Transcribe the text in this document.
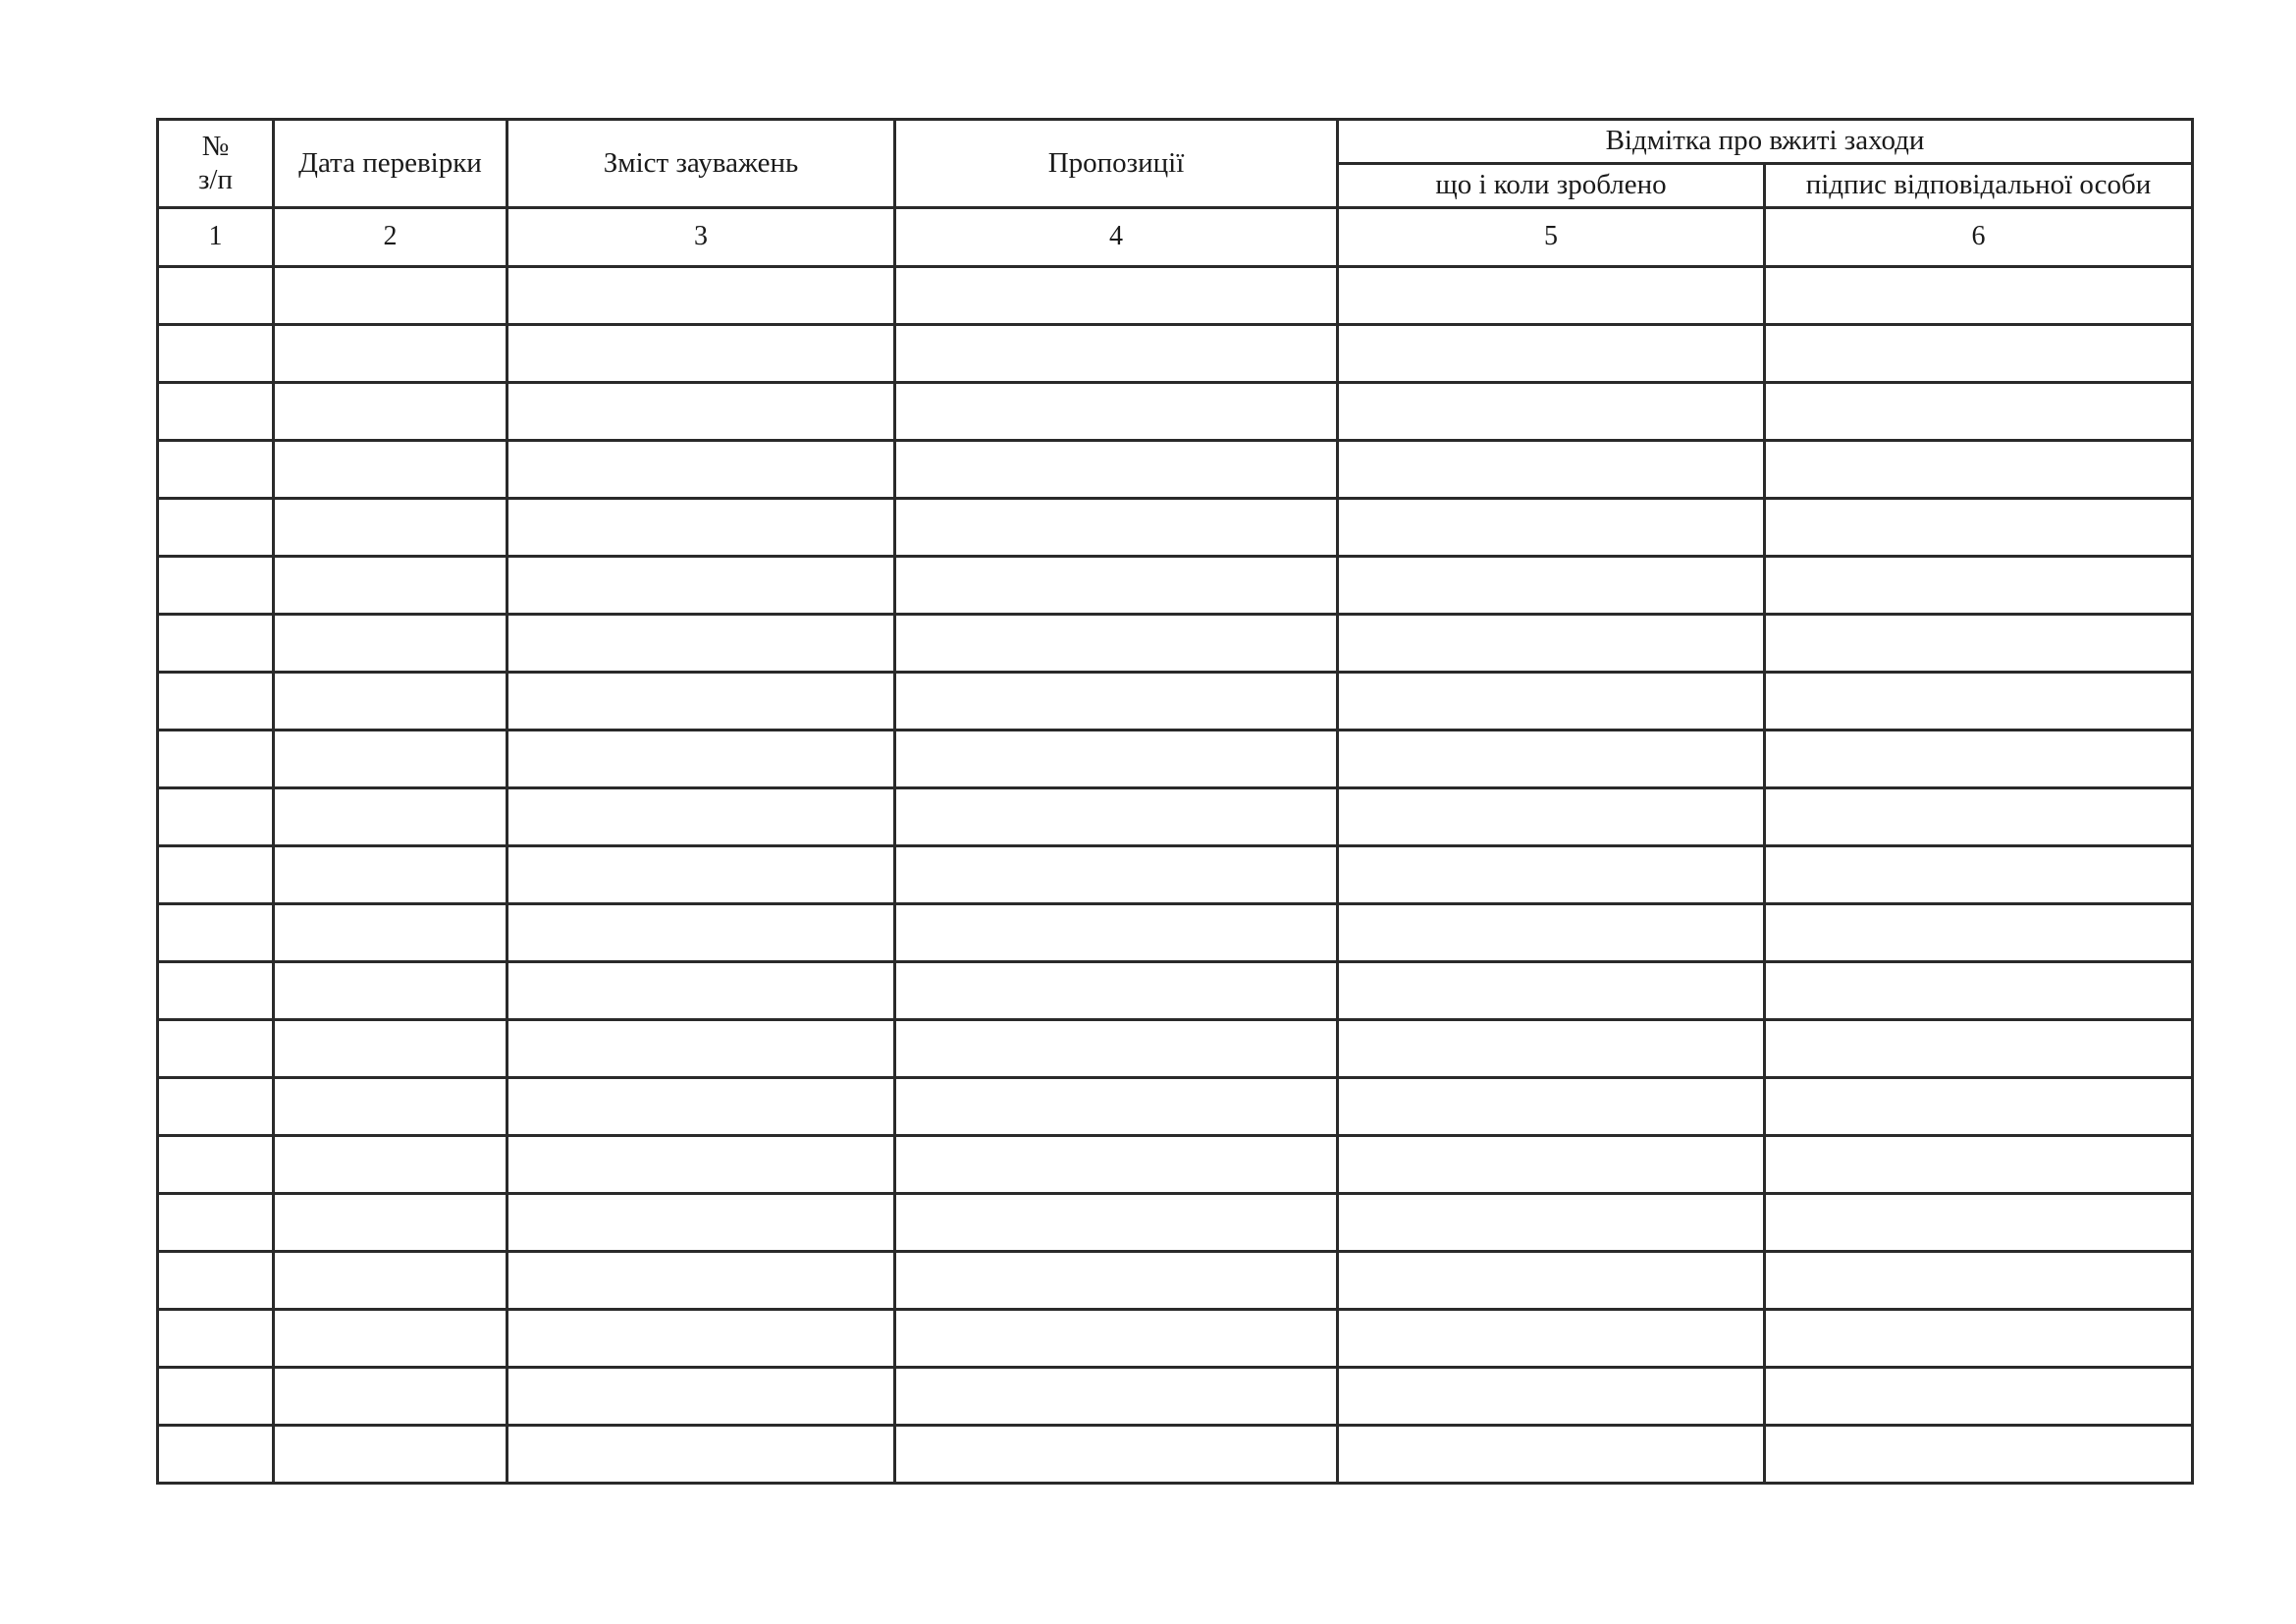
№
з/п	Дата перевірки	Зміст зауважень	Пропозиції	Відмітка про вжиті заходи	
				що і коли зроблено	підпис відповідальної особи
1	2	3	4	5	6
